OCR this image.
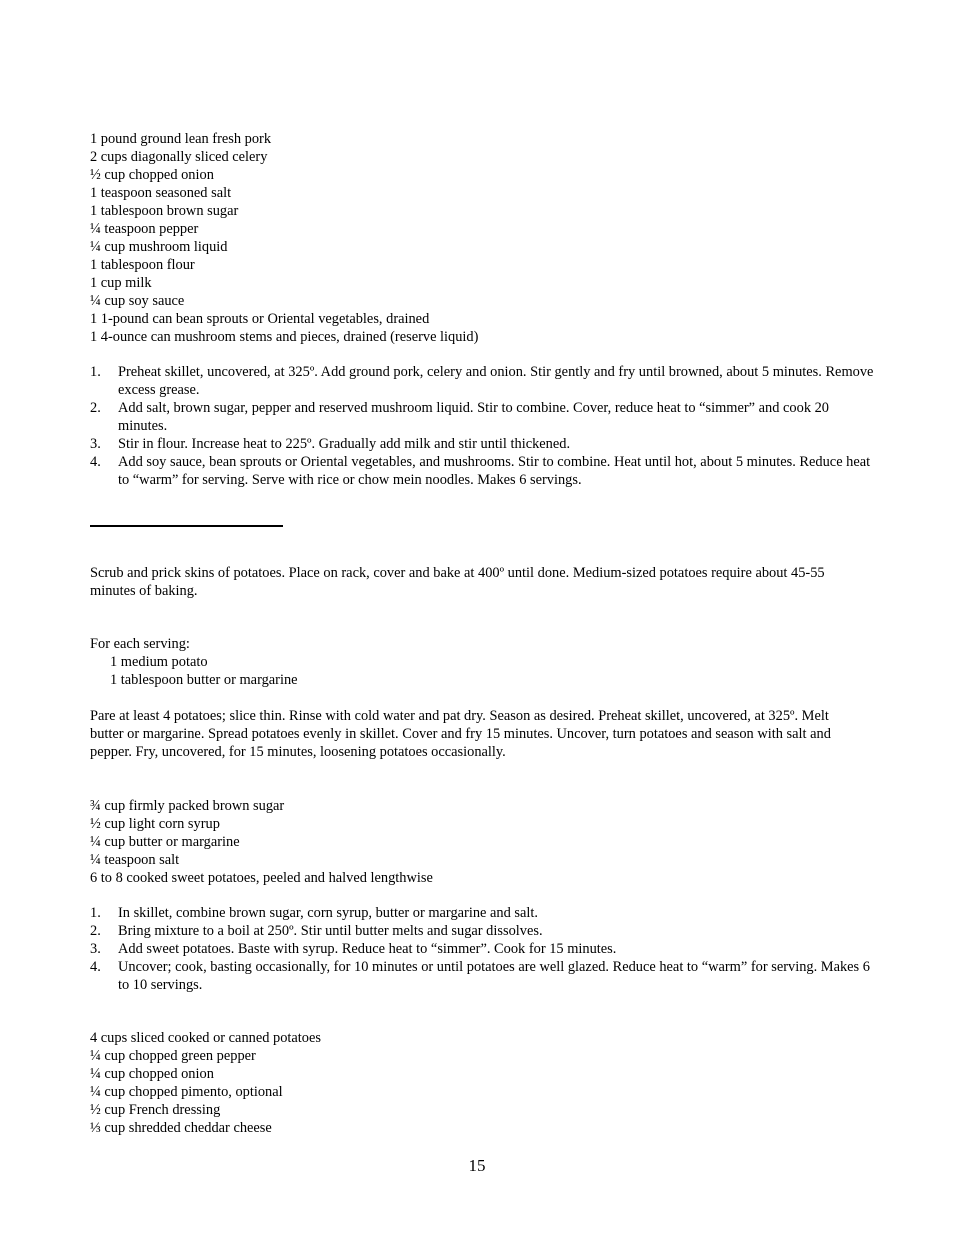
1 pound ground lean fresh pork
2 cups diagonally sliced celery
½ cup chopped onion
1 teaspoon seasoned salt
1 tablespoon brown sugar
¼ teaspoon pepper
¼ cup mushroom liquid
1 tablespoon flour
1 cup milk
¼ cup soy sauce
1 1-pound can bean sprouts or Oriental vegetables, drained
1 4-ounce can mushroom stems and pieces, drained (reserve liquid)
1. Preheat skillet, uncovered, at 325º. Add ground pork, celery and onion. Stir gently and fry until browned, about 5 minutes. Remove excess grease.
2. Add salt, brown sugar, pepper and reserved mushroom liquid. Stir to combine. Cover, reduce heat to “simmer” and cook 20 minutes.
3. Stir in flour. Increase heat to 225º. Gradually add milk and stir until thickened.
4. Add soy sauce, bean sprouts or Oriental vegetables, and mushrooms. Stir to combine. Heat until hot, about 5 minutes. Reduce heat to “warm” for serving. Serve with rice or chow mein noodles. Makes 6 servings.

Scrub and prick skins of potatoes. Place on rack, cover and bake at 400º until done. Medium-sized potatoes require about 45-55 minutes of baking.

For each serving:
1 medium potato
1 tablespoon butter or margarine

Pare at least 4 potatoes; slice thin. Rinse with cold water and pat dry. Season as desired. Preheat skillet, uncovered, at 325º. Melt butter or margarine. Spread potatoes evenly in skillet. Cover and fry 15 minutes. Uncover, turn potatoes and season with salt and pepper. Fry, uncovered, for 15 minutes, loosening potatoes occasionally.

¾ cup firmly packed brown sugar
½ cup light corn syrup
¼ cup butter or margarine
¼ teaspoon salt
6 to 8 cooked sweet potatoes, peeled and halved lengthwise
1. In skillet, combine brown sugar, corn syrup, butter or margarine and salt.
2. Bring mixture to a boil at 250º. Stir until butter melts and sugar dissolves.
3. Add sweet potatoes. Baste with syrup. Reduce heat to “simmer”. Cook for 15 minutes.
4. Uncover; cook, basting occasionally, for 10 minutes or until potatoes are well glazed. Reduce heat to “warm” for serving. Makes 6 to 10 servings.
4 cups sliced cooked or canned potatoes
¼ cup chopped green pepper
¼ cup chopped onion
¼ cup chopped pimento, optional
½ cup French dressing
⅓ cup shredded cheddar cheese
15
